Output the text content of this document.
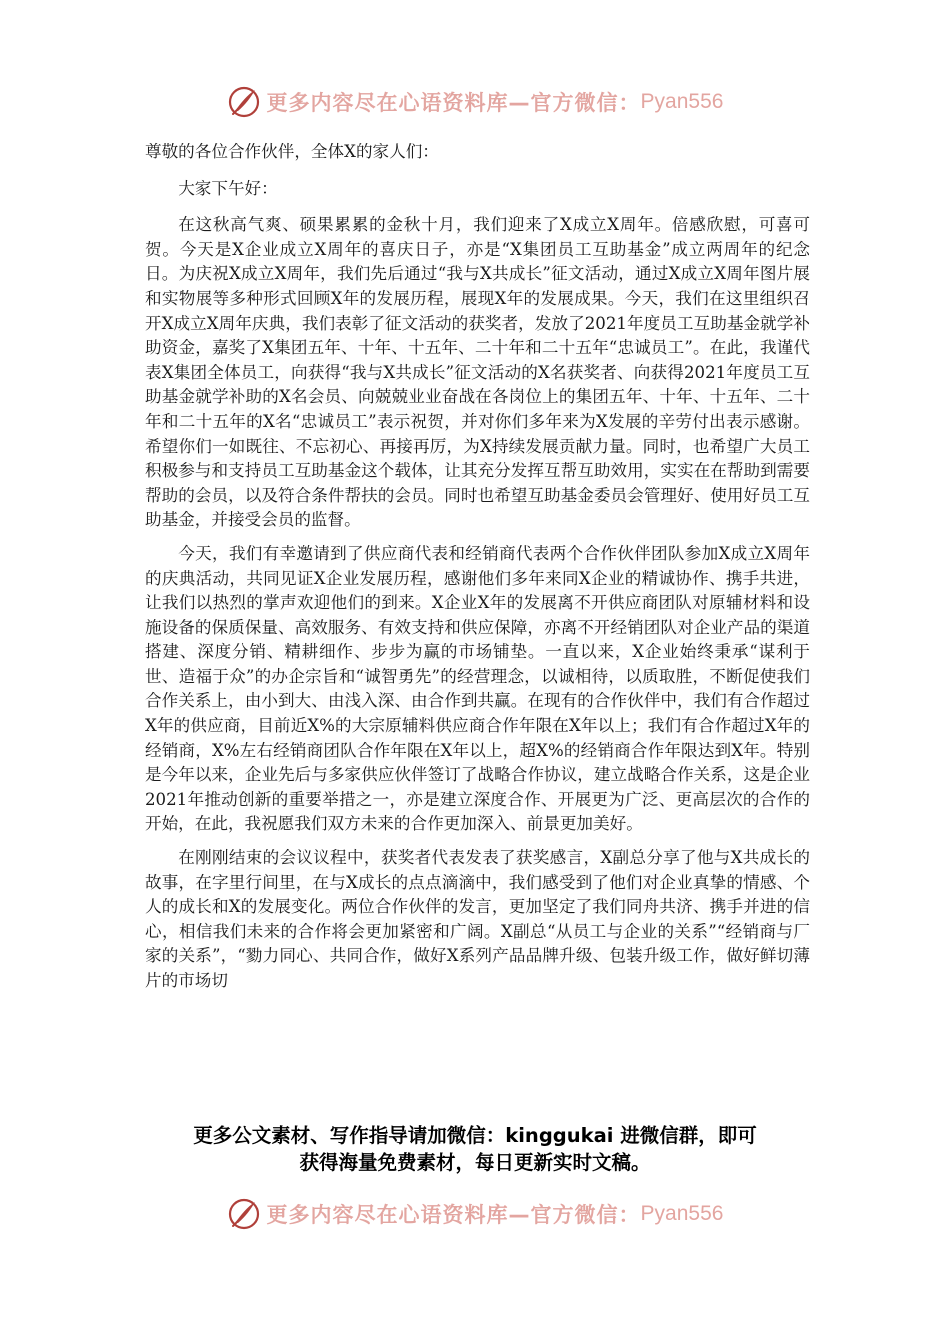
更多内容尽在心语资料库—官方微信： Pyan556

尊敬的各位合作伙伴，全体X的家人们：

大家下午好：

在这秋高气爽、硕果累累的金秋十月，我们迎来了X成立X周年。倍感欣慰，可喜可贺。今天是X企业成立X周年的喜庆日子，亦是“X集团员工互助基金”成立两周年的纪念日。为庆祝X成立X周年，我们先后通过“我与X共成长”征文活动，通过X成立X周年图片展和实物展等多种形式回顾X年的发展历程，展现X年的发展成果。今天，我们在这里组织召开X成立X周年庆典，我们表彰了征文活动的获奖者，发放了2021年度员工互助基金就学补助资金，嘉奖了X集团五年、十年、十五年、二十年和二十五年“忠诚员工”。在此，我谨代表X集团全体员工，向获得“我与X共成长”征文活动的X名获奖者、向获得2021年度员工互助基金就学补助的X名会员、向兢兢业业奋战在各岗位上的集团五年、十年、十五年、二十年和二十五年的X名“忠诚员工”表示祝贺，并对你们多年来为X发展的辛劳付出表示感谢。希望你们一如既往、不忘初心、再接再厉，为X持续发展贡献力量。同时，也希望广大员工积极参与和支持员工互助基金这个载体，让其充分发挥互帮互助效用，实实在在帮助到需要帮助的会员，以及符合条件帮扶的会员。同时也希望互助基金委员会管理好、使用好员工互助基金，并接受会员的监督。

今天，我们有幸邀请到了供应商代表和经销商代表两个合作伙伴团队参加X成立X周年的庆典活动，共同见证X企业发展历程，感谢他们多年来同X企业的精诚协作、携手共进，让我们以热烈的掌声欢迎他们的到来。X企业X年的发展离不开供应商团队对原辅材料和设施设备的保质保量、高效服务、有效支持和供应保障，亦离不开经销团队对企业产品的渠道搭建、深度分销、精耕细作、步步为赢的市场铺垫。一直以来，X企业始终秉承“谋利于世、造福于众”的办企宗旨和“诚智勇先”的经营理念，以诚相待，以质取胜，不断促使我们合作关系上，由小到大、由浅入深、由合作到共赢。在现有的合作伙伴中，我们有合作超过X年的供应商，目前近X%的大宗原辅料供应商合作年限在X年以上；我们有合作超过X年的经销商，X%左右经销商团队合作年限在X年以上，超X%的经销商合作年限达到X年。特别是今年以来，企业先后与多家供应伙伴签订了战略合作协议，建立战略合作关系，这是企业2021年推动创新的重要举措之一，亦是建立深度合作、开展更为广泛、更高层次的合作的开始，在此，我祝愿我们双方未来的合作更加深入、前景更加美好。

在刚刚结束的会议议程中，获奖者代表发表了获奖感言，X副总分享了他与X共成长的故事，在字里行间里，在与X成长的点点滴滴中，我们感受到了他们对企业真挚的情感、个人的成长和X的发展变化。两位合作伙伴的发言，更加坚定了我们同舟共济、携手并进的信心，相信我们未来的合作将会更加紧密和广阔。X副总“从员工与企业的关系”“经销商与厂家的关系”，“勠力同心、共同合作，做好X系列产品品牌升级、包装升级工作，做好鲜切薄片的市场切

更多公文素材、写作指导请加微信：kinggukai 进微信群，即可
获得海量免费素材，每日更新实时文稿。
更多内容尽在心语资料库—官方微信： Pyan556
